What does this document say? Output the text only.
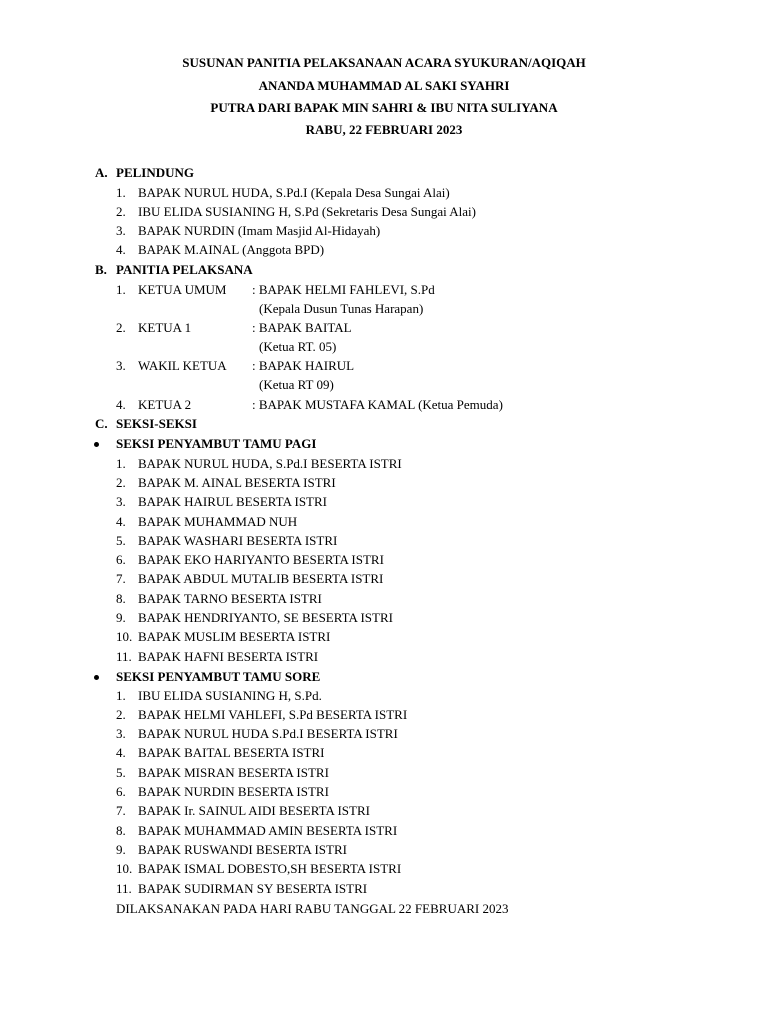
SUSUNAN PANITIA PELAKSANAAN ACARA SYUKURAN/AQIQAH
ANANDA MUHAMMAD AL SAKI SYAHRI
PUTRA DARI BAPAK MIN SAHRI & IBU NITA SULIYANA
RABU, 22 FEBRUARI 2023
A. PELINDUNG
1. BAPAK NURUL HUDA, S.Pd.I (Kepala Desa Sungai Alai)
2. IBU ELIDA SUSIANING H, S.Pd (Sekretaris Desa Sungai Alai)
3. BAPAK NURDIN (Imam Masjid Al-Hidayah)
4. BAPAK M.AINAL (Anggota BPD)
B. PANITIA PELAKSANA
1. KETUA UMUM : BAPAK HELMI FAHLEVI, S.Pd
(Kepala Dusun Tunas Harapan)
2. KETUA 1	: BAPAK BAITAL
(Ketua RT. 05)
3. WAKIL KETUA : BAPAK HAIRUL
(Ketua RT 09)
4. KETUA 2	: BAPAK MUSTAFA KAMAL (Ketua Pemuda)
C. SEKSI-SEKSI
SEKSI PENYAMBUT TAMU PAGI
1. BAPAK NURUL HUDA, S.Pd.I BESERTA ISTRI
2. BAPAK M. AINAL BESERTA ISTRI
3. BAPAK HAIRUL BESERTA ISTRI
4. BAPAK MUHAMMAD NUH
5. BAPAK WASHARI BESERTA ISTRI
6. BAPAK EKO HARIYANTO BESERTA ISTRI
7. BAPAK ABDUL MUTALIB BESERTA ISTRI
8. BAPAK TARNO BESERTA ISTRI
9. BAPAK HENDRIYANTO, SE BESERTA ISTRI
10. BAPAK MUSLIM BESERTA ISTRI
11. BAPAK HAFNI BESERTA ISTRI
SEKSI PENYAMBUT TAMU SORE
1. IBU ELIDA SUSIANING H, S.Pd.
2. BAPAK HELMI VAHLEFI, S.Pd BESERTA ISTRI
3. BAPAK NURUL HUDA S.Pd.I BESERTA ISTRI
4. BAPAK BAITAL BESERTA ISTRI
5. BAPAK MISRAN BESERTA ISTRI
6. BAPAK NURDIN BESERTA ISTRI
7. BAPAK Ir. SAINUL AIDI BESERTA ISTRI
8. BAPAK MUHAMMAD AMIN BESERTA ISTRI
9. BAPAK RUSWANDI BESERTA ISTRI
10. BAPAK ISMAL DOBESTO,SH BESERTA ISTRI
11. BAPAK SUDIRMAN SY BESERTA ISTRI
DILAKSANAKAN PADA HARI RABU TANGGAL 22 FEBRUARI 2023
